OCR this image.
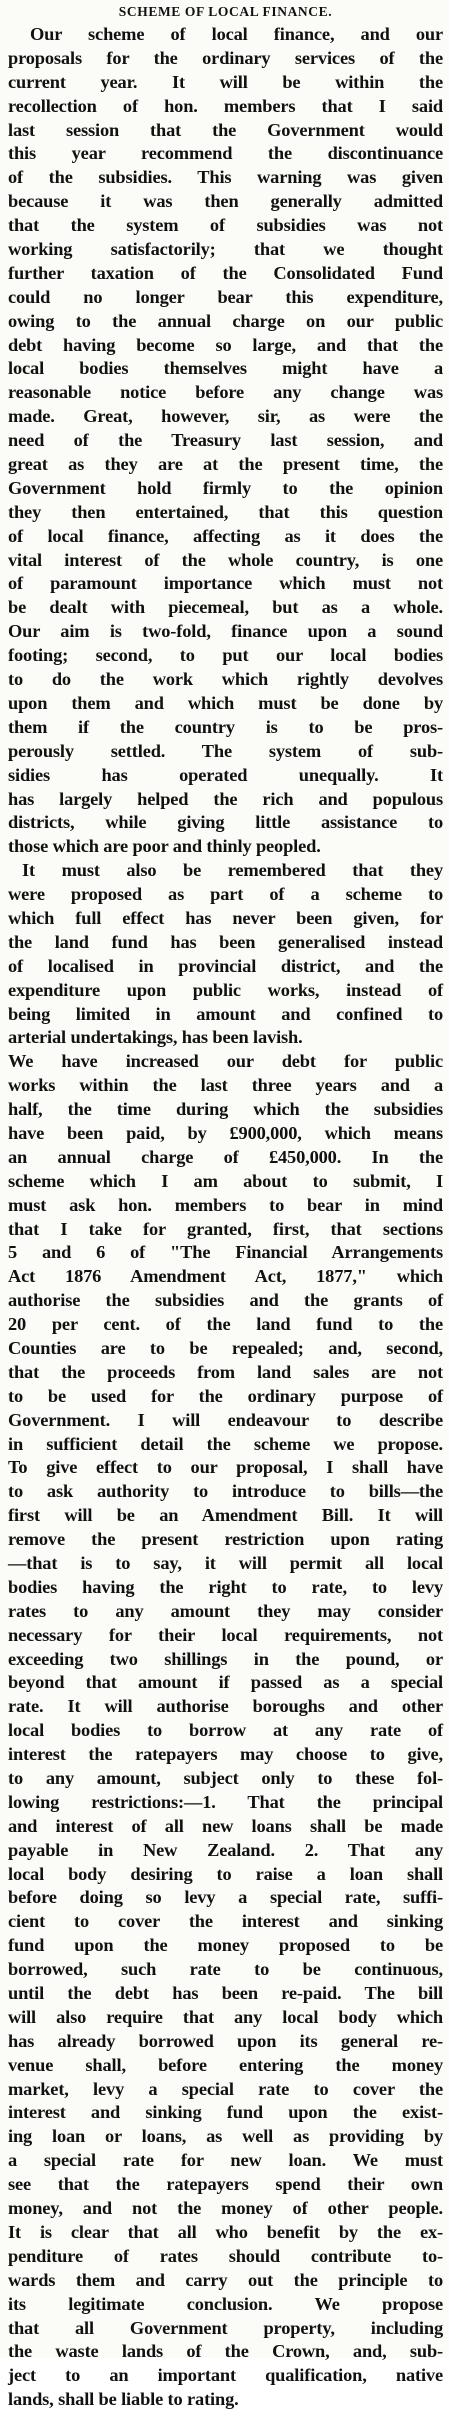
SCHEME OF LOCAL FINANCE.
Our scheme of local finance, and our
proposals for the ordinary services of the
current year. It will be within the
recollection of hon. members that I said
last session that the Government would
this year recommend the discontinuance
of the subsidies. This warning was given
because it was then generally admitted
that the system of subsidies was not
working satisfactorily; that we thought
further taxation of the Consolidated Fund
could no longer bear this expenditure,
owing to the annual charge on our public
debt having become so large, and that the
local bodies themselves might have a
reasonable notice before any change was
made. Great, however, sir, as were the
need of the Treasury last session, and
great as they are at the present time, the
Government hold firmly to the opinion
they then entertained, that this question
of local finance, affecting as it does the
vital interest of the whole country, is one
of paramount importance which must not
be dealt with piecemeal, but as a whole.
Our aim is two-fold, finance upon a sound
footing; second, to put our local bodies
to do the work which rightly devolves
upon them and which must be done by
them if the country is to be pros-
perously settled. The system of sub-
sidies has operated unequally. It
has largely helped the rich and populous
districts, while giving little assistance to
those which are poor and thinly peopled.
It must also be remembered that they
were proposed as part of a scheme to
which full effect has never been given, for
the land fund has been generalised instead
of localised in provincial district, and the
expenditure upon public works, instead of
being limited in amount and confined to
arterial undertakings, has been lavish.
We have increased our debt for public
works within the last three years and a
half, the time during which the subsidies
have been paid, by £900,000, which means
an annual charge of £450,000. In the
scheme which I am about to submit, I
must ask hon. members to bear in mind
that I take for granted, first, that sections
5 and 6 of "The Financial Arrangements
Act 1876 Amendment Act, 1877," which
authorise the subsidies and the grants of
20 per cent. of the land fund to the
Counties are to be repealed; and, second,
that the proceeds from land sales are not
to be used for the ordinary purpose of
Government. I will endeavour to describe
in sufficient detail the scheme we propose.
To give effect to our proposal, I shall have
to ask authority to introduce to bills—the
first will be an Amendment Bill. It will
remove the present restriction upon rating
—that is to say, it will permit all local
bodies having the right to rate, to levy
rates to any amount they may consider
necessary for their local requirements, not
exceeding two shillings in the pound, or
beyond that amount if passed as a special
rate. It will authorise boroughs and other
local bodies to borrow at any rate of
interest the ratepayers may choose to give,
to any amount, subject only to these fol-
lowing restrictions:—1. That the principal
and interest of all new loans shall be made
payable in New Zealand. 2. That any
local body desiring to raise a loan shall
before doing so levy a special rate, suffi-
cient to cover the interest and sinking
fund upon the money proposed to be
borrowed, such rate to be continuous,
until the debt has been re-paid. The bill
will also require that any local body which
has already borrowed upon its general re-
venue shall, before entering the money
market, levy a special rate to cover the
interest and sinking fund upon the exist-
ing loan or loans, as well as providing by
a special rate for new loan. We must
see that the ratepayers spend their own
money, and not the money of other people.
It is clear that all who benefit by the ex-
penditure of rates should contribute to-
wards them and carry out the principle to
its legitimate conclusion. We propose
that all Government property, including
the waste lands of the Crown, and, sub-
ject to an important qualification, native
lands, shall be liable to rating.
